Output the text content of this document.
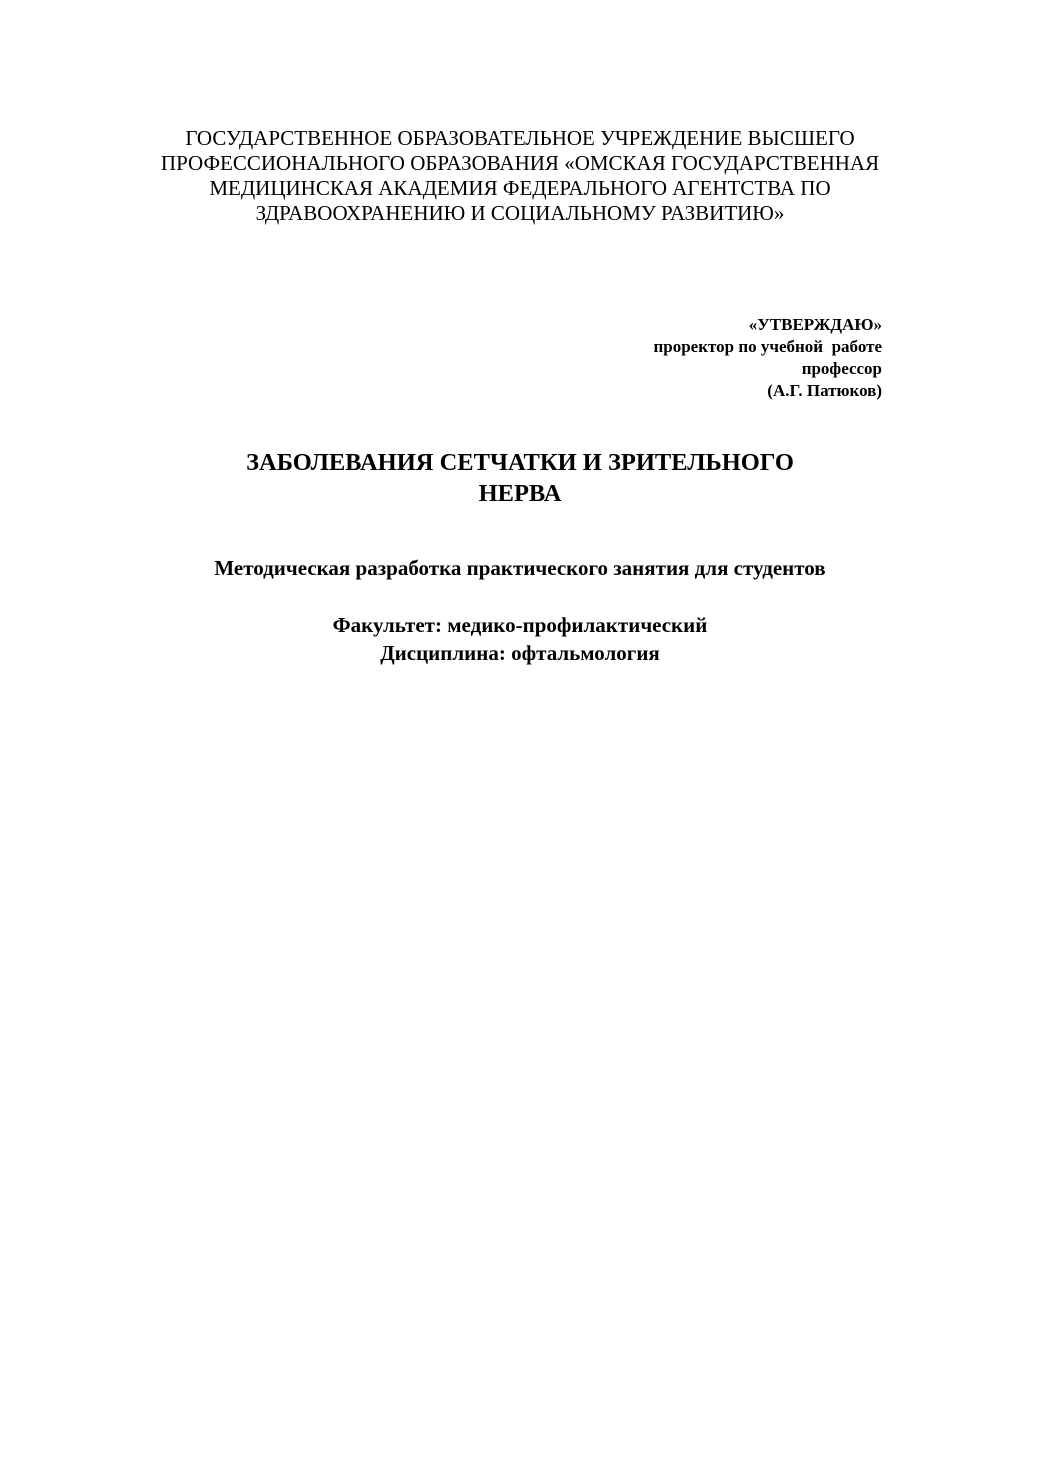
ГОСУДАРСТВЕННОЕ ОБРАЗОВАТЕЛЬНОЕ УЧРЕЖДЕНИЕ ВЫСШЕГО
ПРОФЕССИОНАЛЬНОГО ОБРАЗОВАНИЯ «ОМСКАЯ ГОСУДАРСТВЕННАЯ
МЕДИЦИНСКАЯ АКАДЕМИЯ ФЕДЕРАЛЬНОГО АГЕНТСТВА ПО
ЗДРАВООХРАНЕНИЮ И СОЦИАЛЬНОМУ РАЗВИТИЮ»
«УТВЕРЖДАЮ»
проректор по учебной  работе
профессор
(А.Г. Патюков)
ЗАБОЛЕВАНИЯ СЕТЧАТКИ И ЗРИТЕЛЬНОГО
НЕРВА
Методическая разработка практического занятия для студентов
Факультет: медико-профилактический
Дисциплина: офтальмология
